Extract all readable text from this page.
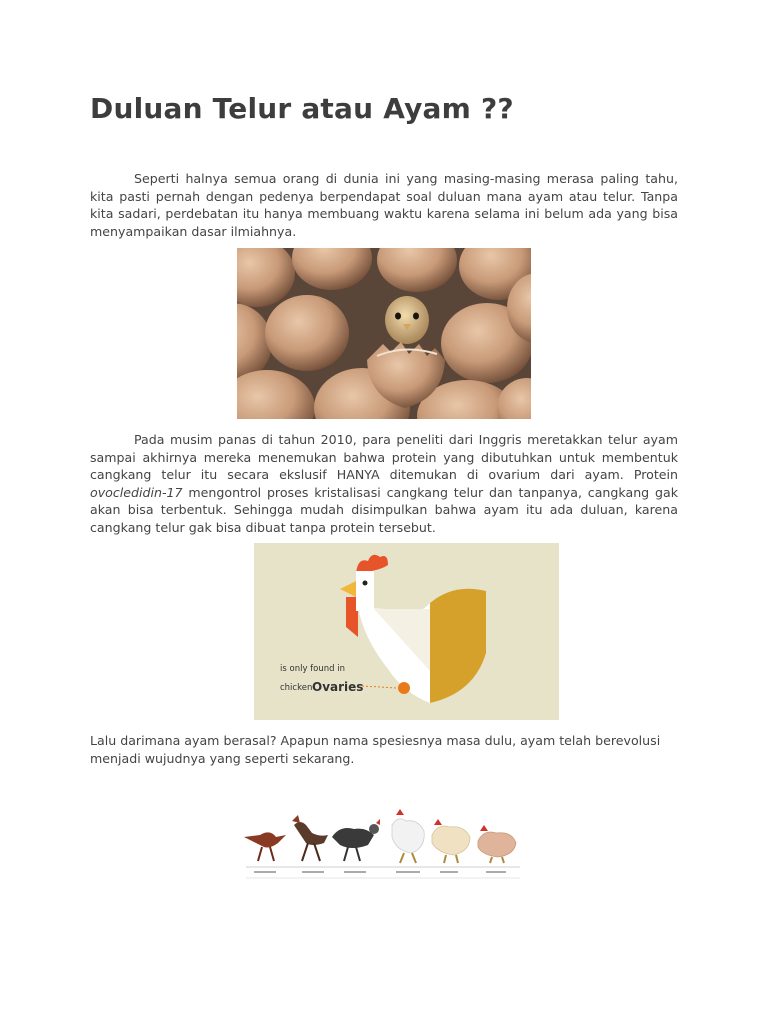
Duluan Telur atau Ayam ??

Seperti halnya semua orang di dunia ini yang masing-masing merasa paling tahu, kita pasti pernah dengan pedenya berpendapat soal duluan mana ayam atau telur. Tanpa kita sadari, perdebatan itu hanya membuang waktu karena selama ini belum ada yang bisa menyampaikan dasar ilmiahnya.

Pada musim panas di tahun 2010, para peneliti dari Inggris meretakkan telur ayam sampai akhirnya mereka menemukan bahwa protein yang dibutuhkan untuk membentuk cangkang telur itu secara ekslusif HANYA ditemukan di ovarium dari ayam. Protein ovocledidin-17 mengontrol proses kristalisasi cangkang telur dan tanpanya, cangkang gak akan bisa terbentuk. Sehingga mudah disimpulkan bahwa ayam itu ada duluan, karena cangkang telur gak bisa dibuat tanpa protein tersebut.

is only found in
chicken Ovaries

Lalu darimana ayam berasal? Apapun nama spesiesnya masa dulu, ayam telah berevolusi menjadi wujudnya yang seperti sekarang.
